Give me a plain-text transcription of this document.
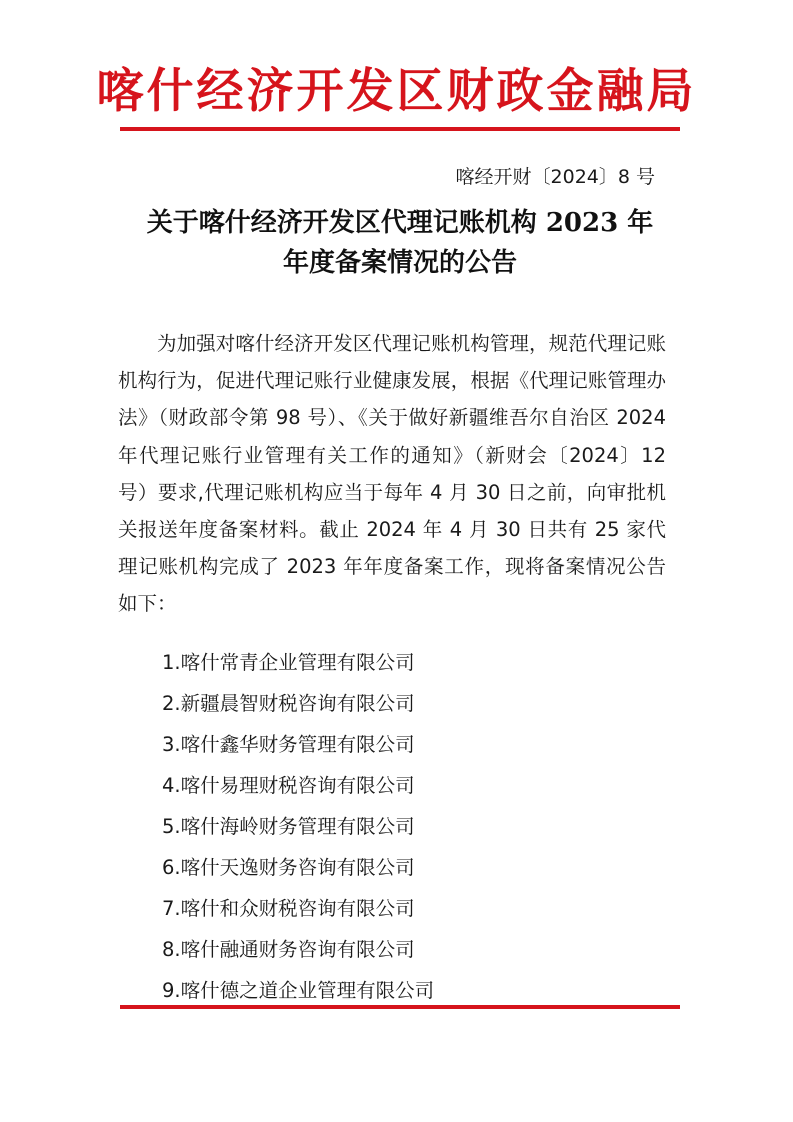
喀什经济开发区财政金融局
喀经开财〔2024〕8 号
关于喀什经济开发区代理记账机构 2023 年
年度备案情况的公告

为加强对喀什经济开发区代理记账机构管理，规范代理记账机构行为，促进代理记账行业健康发展，根据《代理记账管理办法》（财政部令第 98 号）、《关于做好新疆维吾尔自治区 2024 年代理记账行业管理有关工作的通知》（新财会〔2024〕12 号）要求,代理记账机构应当于每年 4 月 30 日之前，向审批机关报送年度备案材料。截止 2024 年 4 月 30 日共有 25 家代理记账机构完成了 2023 年年度备案工作，现将备案情况公告如下：

1.喀什常青企业管理有限公司
2.新疆晨智财税咨询有限公司
3.喀什鑫华财务管理有限公司
4.喀什易理财税咨询有限公司
5.喀什海岭财务管理有限公司
6.喀什天逸财务咨询有限公司
7.喀什和众财税咨询有限公司
8.喀什融通财务咨询有限公司
9.喀什德之道企业管理有限公司
